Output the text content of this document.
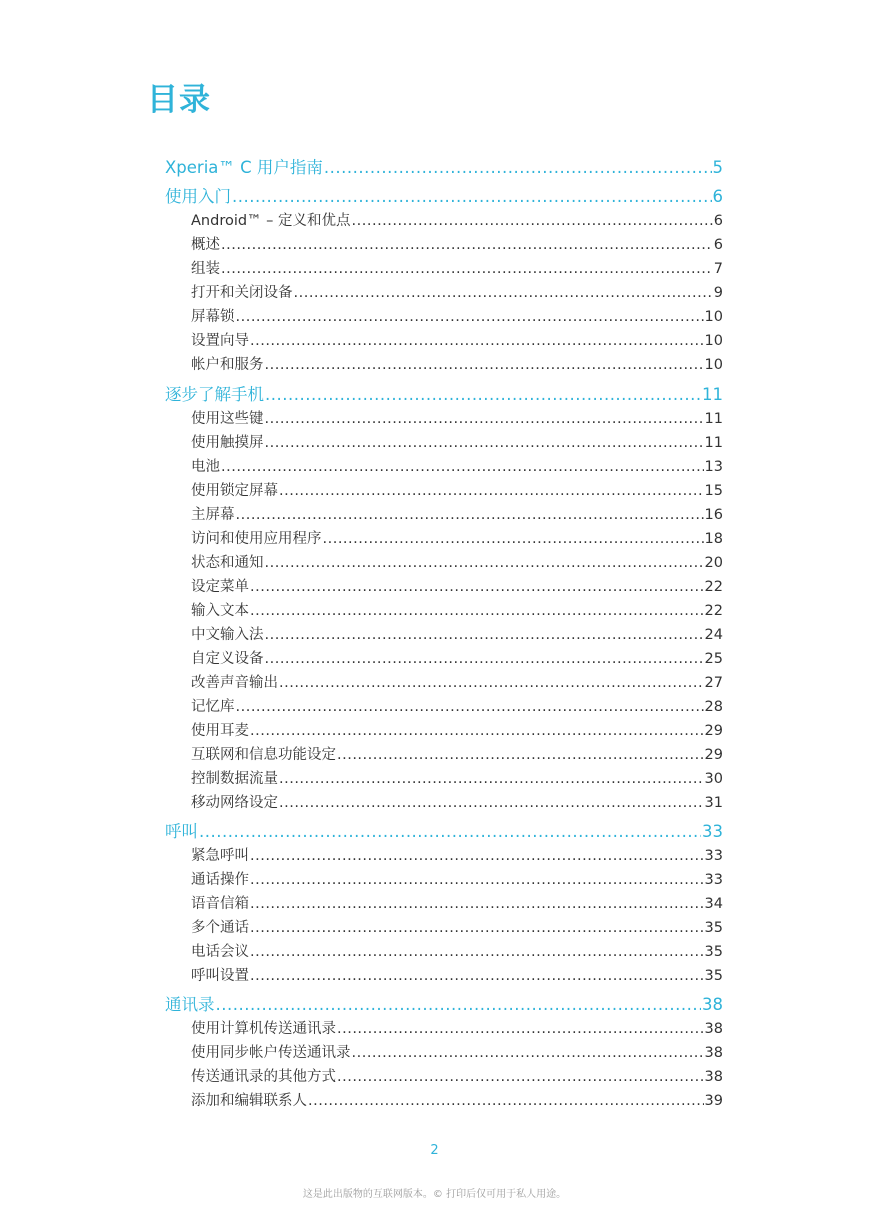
目录
Xperia™ C 用户指南 .....	5
使用入门 .....	6
Android™ – 定义和优点 .....	6
概述 .....	6
组装 .....	7
打开和关闭设备 .....	9
屏幕锁 .....	10
设置向导 .....	10
帐户和服务 .....	10
逐步了解手机 .....	11
使用这些键 .....	11
使用触摸屏 .....	11
电池 .....	13
使用锁定屏幕 .....	15
主屏幕 .....	16
访问和使用应用程序 .....	18
状态和通知 .....	20
设定菜单 .....	22
输入文本 .....	22
中文输入法 .....	24
自定义设备 .....	25
改善声音输出 .....	27
记忆库 .....	28
使用耳麦 .....	29
互联网和信息功能设定 .....	29
控制数据流量 .....	30
移动网络设定 .....	31
呼叫 .....	33
紧急呼叫 .....	33
通话操作 .....	33
语音信箱 .....	34
多个通话 .....	35
电话会议 .....	35
呼叫设置 .....	35
通讯录 .....	38
使用计算机传送通讯录 .....	38
使用同步帐户传送通讯录 .....	38
传送通讯录的其他方式 .....	38
添加和编辑联系人 .....	39
2
这是此出版物的互联网版本。© 打印后仅可用于私人用途。
